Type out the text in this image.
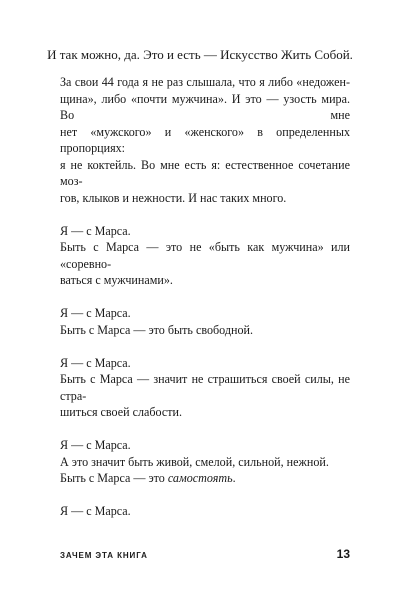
И так можно, да. Это и есть — Искусство Жить Собой.

За свои 44 года я не раз слышала, что я либо «недожен-
щина», либо «почти мужчина». И это — узость мира. Во мне
нет «мужского» и «женского» в определенных пропорциях:
я не коктейль. Во мне есть я: естественное сочетание моз-
гов, клыков и нежности. И нас таких много.

Я — с Марса.
Быть с Марса — это не «быть как мужчина» или «соревно-
ваться с мужчинами».

Я — с Марса.
Быть с Марса — это быть свободной.

Я — с Марса.
Быть с Марса — значит не страшиться своей силы, не стра-
шиться своей слабости.

Я — с Марса.
А это значит быть живой, смелой, сильной, нежной.
Быть с Марса — это самостоять.

Я — с Марса.

ЗАЧЕМ ЭТА КНИГА	13
